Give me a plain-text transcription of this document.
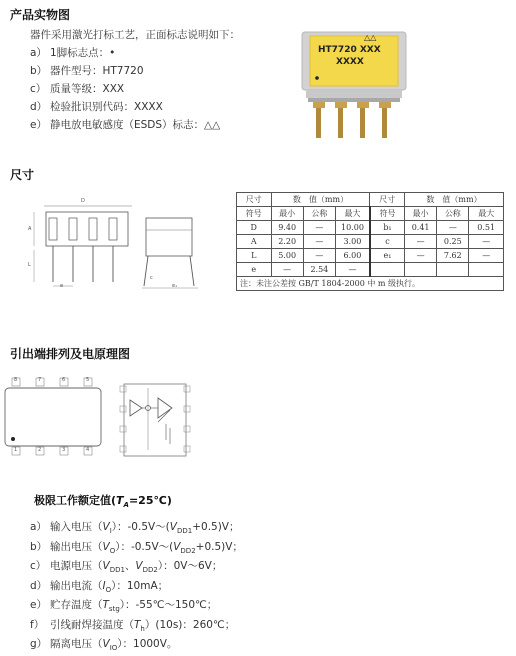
产品实物图
器件采用激光打标工艺，正面标志说明如下：
a） 1脚标志点：•
b） 器件型号：HT7720
c） 质量等级：XXX
d） 检验批识别代码：XXXX
e） 静电放电敏感度（ESDS）标志：△△
△△
HT7720 XXX
XXXX
尺寸
D
A
L
e
c
e₁
尺寸	数　值（mm）			尺寸	数　值（mm）		
符号	最小	公称	最大	符号	最小	公称	最大
D	9.40	—	10.00	b₁	0.41	—	0.51
A	2.20	—	3.00	c	—	0.25	—
L	5.00	—	6.00	e₁	—	7.62	—
e	—	2.54	—				
注：未注公差按 GB/T 1804-2000 中 m 级执行。							
引出端排列及电原理图
8	7	6	5
1	2	3	4
极限工作额定值$(T_A=25℃)$
a） 输入电压$(V_I)$：$-0.5V\sim(V_{DD1}+0.5)V$；
b） 输出电压$(V_O)$：$-0.5V\sim(V_{DD2}+0.5)V$；
c） 电源电压（$V_{DD1}$、$V_{DD2}$）：0V～6V；
d） 输出电流$(I_O)$：10mA；
e） 贮存温度$(T_{stg})$：-55℃～150℃；
f） 引线耐焊接温度$(T_h)(10s)$：260℃；
g） 隔离电压$(V_{IO})$：1000V。
